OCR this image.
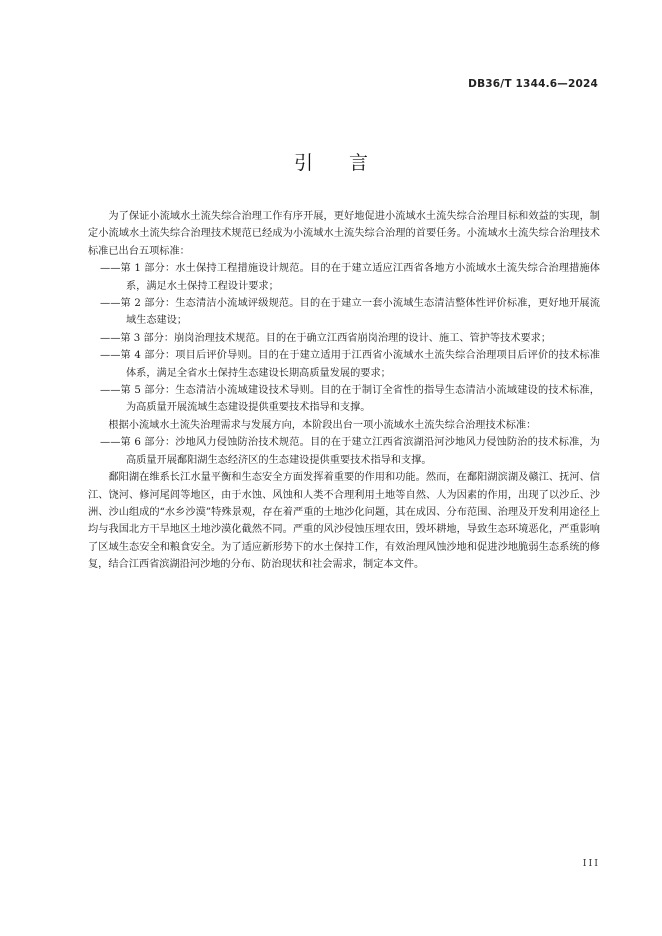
DB36/T 1344.6—2024
引言

为了保证小流域水土流失综合治理工作有序开展，更好地促进小流域水土流失综合治理目标和效益的实现，制定小流域水土流失综合治理技术规范已经成为小流域水土流失综合治理的首要任务。小流域水土流失综合治理技术标准已出台五项标准：

——第 1 部分：水土保持工程措施设计规范。目的在于建立适应江西省各地方小流域水土流失综合治理措施体系，满足水土保持工程设计要求；

——第 2 部分：生态清洁小流域评级规范。目的在于建立一套小流域生态清洁整体性评价标准，更好地开展流域生态建设；

——第 3 部分：崩岗治理技术规范。目的在于确立江西省崩岗治理的设计、施工、管护等技术要求；

——第 4 部分：项目后评价导则。目的在于建立适用于江西省小流域水土流失综合治理项目后评价的技术标准体系，满足全省水土保持生态建设长期高质量发展的要求；

——第 5 部分：生态清洁小流域建设技术导则。目的在于制订全省性的指导生态清洁小流域建设的技术标准，为高质量开展流域生态建设提供重要技术指导和支撑。

根据小流域水土流失治理需求与发展方向，本阶段出台一项小流域水土流失综合治理技术标准：

——第 6 部分：沙地风力侵蚀防治技术规范。目的在于建立江西省滨湖沿河沙地风力侵蚀防治的技术标准，为高质量开展鄱阳湖生态经济区的生态建设提供重要技术指导和支撑。

鄱阳湖在维系长江水量平衡和生态安全方面发挥着重要的作用和功能。然而，在鄱阳湖滨湖及赣江、抚河、信江、饶河、修河尾闾等地区，由于水蚀、风蚀和人类不合理利用土地等自然、人为因素的作用，出现了以沙丘、沙洲、沙山组成的“水乡沙漠”特殊景观，存在着严重的土地沙化问题，其在成因、分布范围、治理及开发利用途径上均与我国北方干旱地区土地沙漠化截然不同。严重的风沙侵蚀压埋农田，毁坏耕地，导致生态环境恶化，严重影响了区域生态安全和粮食安全。为了适应新形势下的水土保持工作，有效治理风蚀沙地和促进沙地脆弱生态系统的修复，结合江西省滨湖沿河沙地的分布、防治现状和社会需求，制定本文件。

III
